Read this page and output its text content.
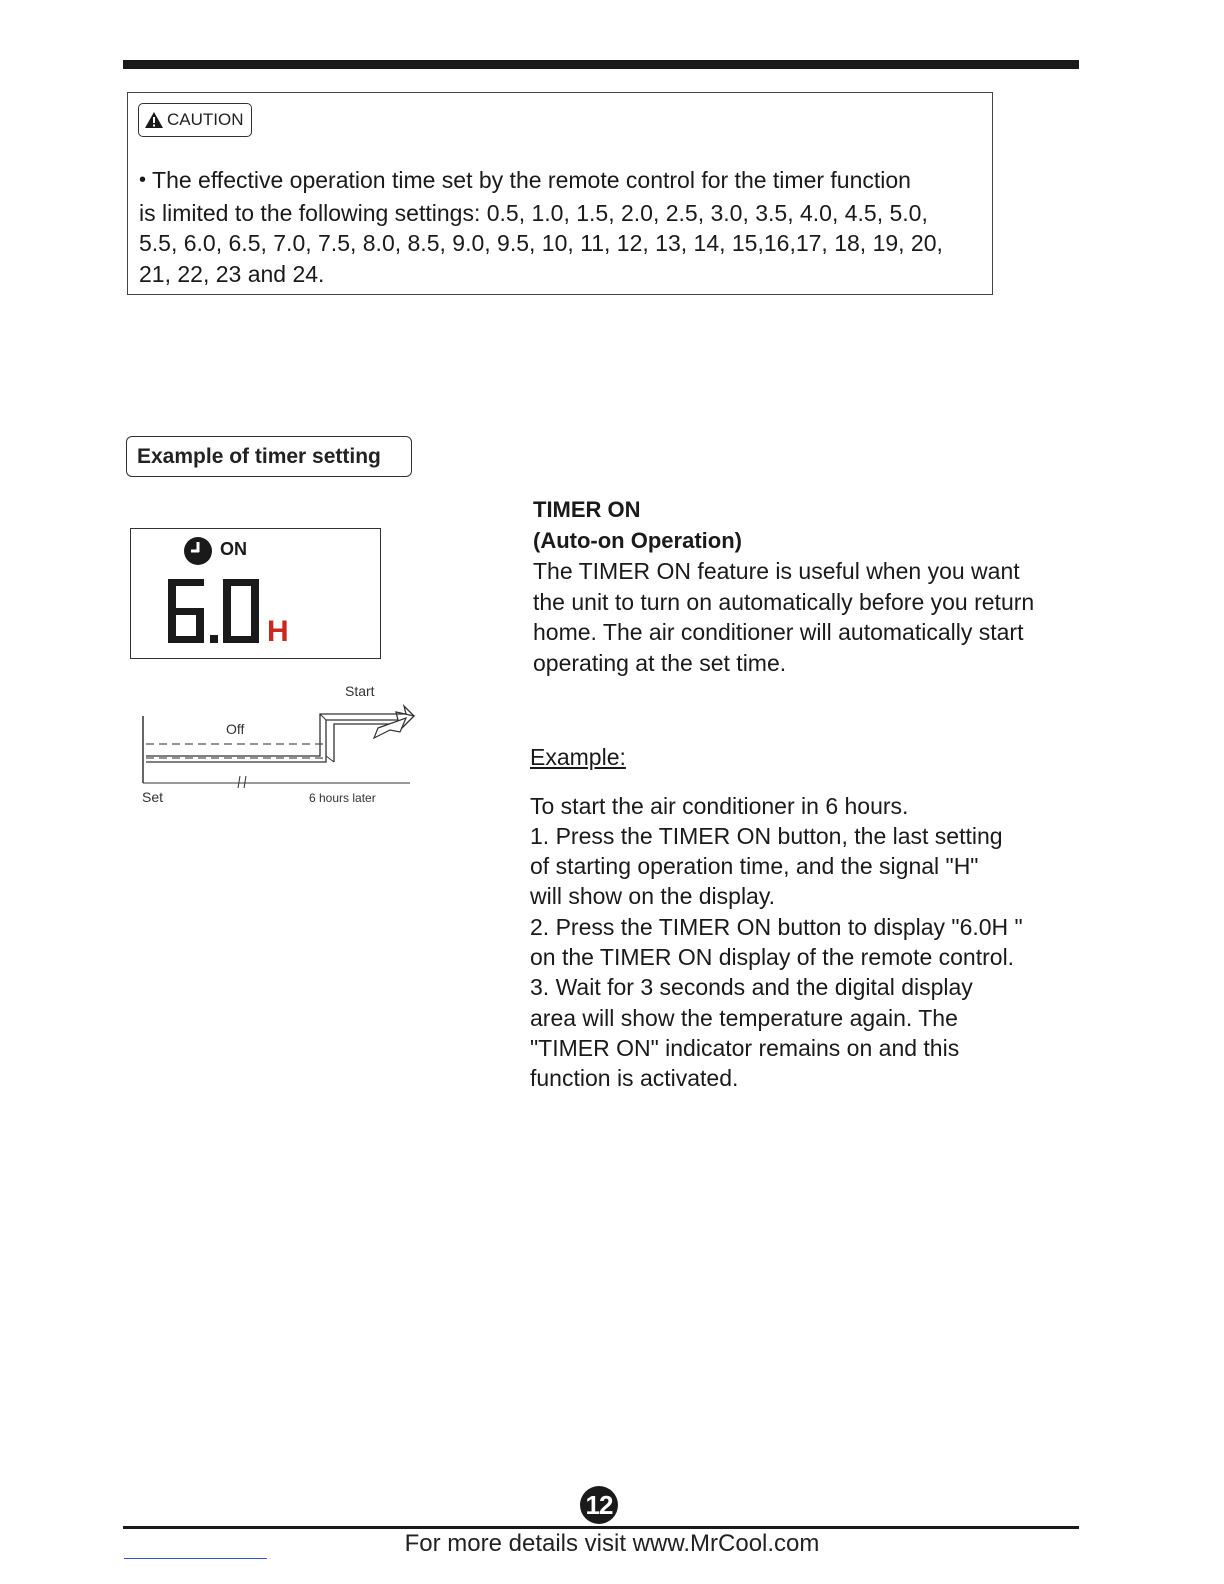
CAUTION
• The effective operation time set by the remote control for the timer function
is limited to the following settings: 0.5, 1.0, 1.5, 2.0, 2.5, 3.0, 3.5, 4.0, 4.5, 5.0,
5.5, 6.0, 6.5, 7.0, 7.5, 8.0, 8.5, 9.0, 9.5, 10, 11, 12, 13, 14, 15,16,17, 18, 19, 20,
21, 22, 23 and 24.
Example of timer setting
ON
H
Start
Off
Set	6 hours later
TIMER ON
(Auto-on Operation)
The TIMER ON feature is useful when you want
the unit to turn on automatically before you return
home. The air conditioner will automatically start
operating at the set time.
Example:
To start the air conditioner in 6 hours.
1. Press the TIMER ON button, the last setting
of starting operation time, and the signal "H"
will show on the display.
2. Press the TIMER ON button to display "6.0H "
on the TIMER ON display of the remote control.
3. Wait for 3 seconds and the digital display
area will show the temperature again. The
"TIMER ON" indicator remains on and this
function is activated.
12
For more details visit www.MrCool.com
